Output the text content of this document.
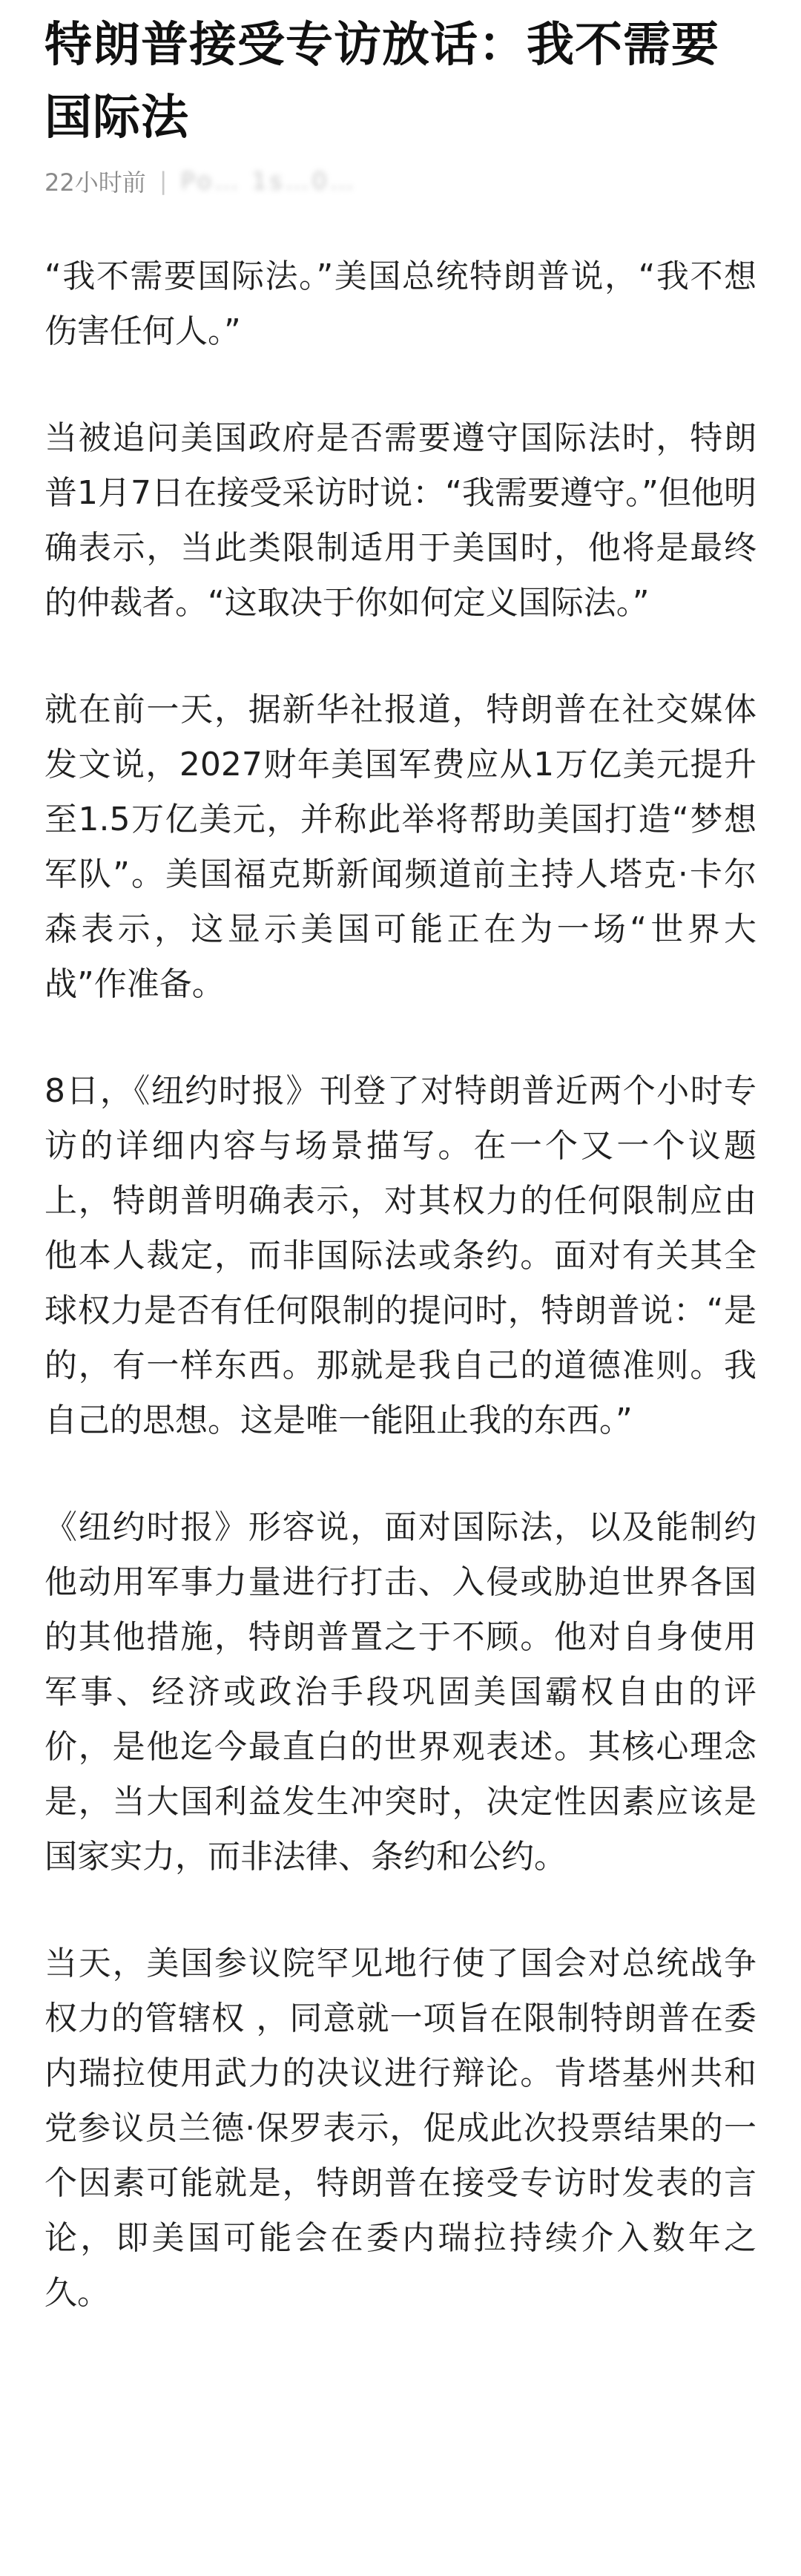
特朗普接受专访放话：我不需要国际法
22小时前 | Po… 1s…0…

“我不需要国际法。”美国总统特朗普说，“我不想伤害任何人。”

当被追问美国政府是否需要遵守国际法时，特朗普1月7日在接受采访时说：“我需要遵守。”但他明确表示，当此类限制适用于美国时，他将是最终的仲裁者。“这取决于你如何定义国际法。”

就在前一天，据新华社报道，特朗普在社交媒体发文说，2027财年美国军费应从1万亿美元提升至1.5万亿美元，并称此举将帮助美国打造“梦想军队”。美国福克斯新闻频道前主持人塔克·卡尔森表示，这显示美国可能正在为一场“世界大战”作准备。

8日，《纽约时报》刊登了对特朗普近两个小时专访的详细内容与场景描写。在一个又一个议题上，特朗普明确表示，对其权力的任何限制应由他本人裁定，而非国际法或条约。面对有关其全球权力是否有任何限制的提问时，特朗普说：“是的，有一样东西。那就是我自己的道德准则。我自己的思想。这是唯一能阻止我的东西。”

《纽约时报》形容说，面对国际法，以及能制约他动用军事力量进行打击、入侵或胁迫世界各国的其他措施，特朗普置之于不顾。他对自身使用军事、经济或政治手段巩固美国霸权自由的评价，是他迄今最直白的世界观表述。其核心理念是，当大国利益发生冲突时，决定性因素应该是国家实力，而非法律、条约和公约。

当天，美国参议院罕见地行使了国会对总统战争权力的管辖权 ，同意就一项旨在限制特朗普在委内瑞拉使用武力的决议进行辩论。肯塔基州共和党参议员兰德·保罗表示，促成此次投票结果的一个因素可能就是，特朗普在接受专访时发表的言论，即美国可能会在委内瑞拉持续介入数年之久。
